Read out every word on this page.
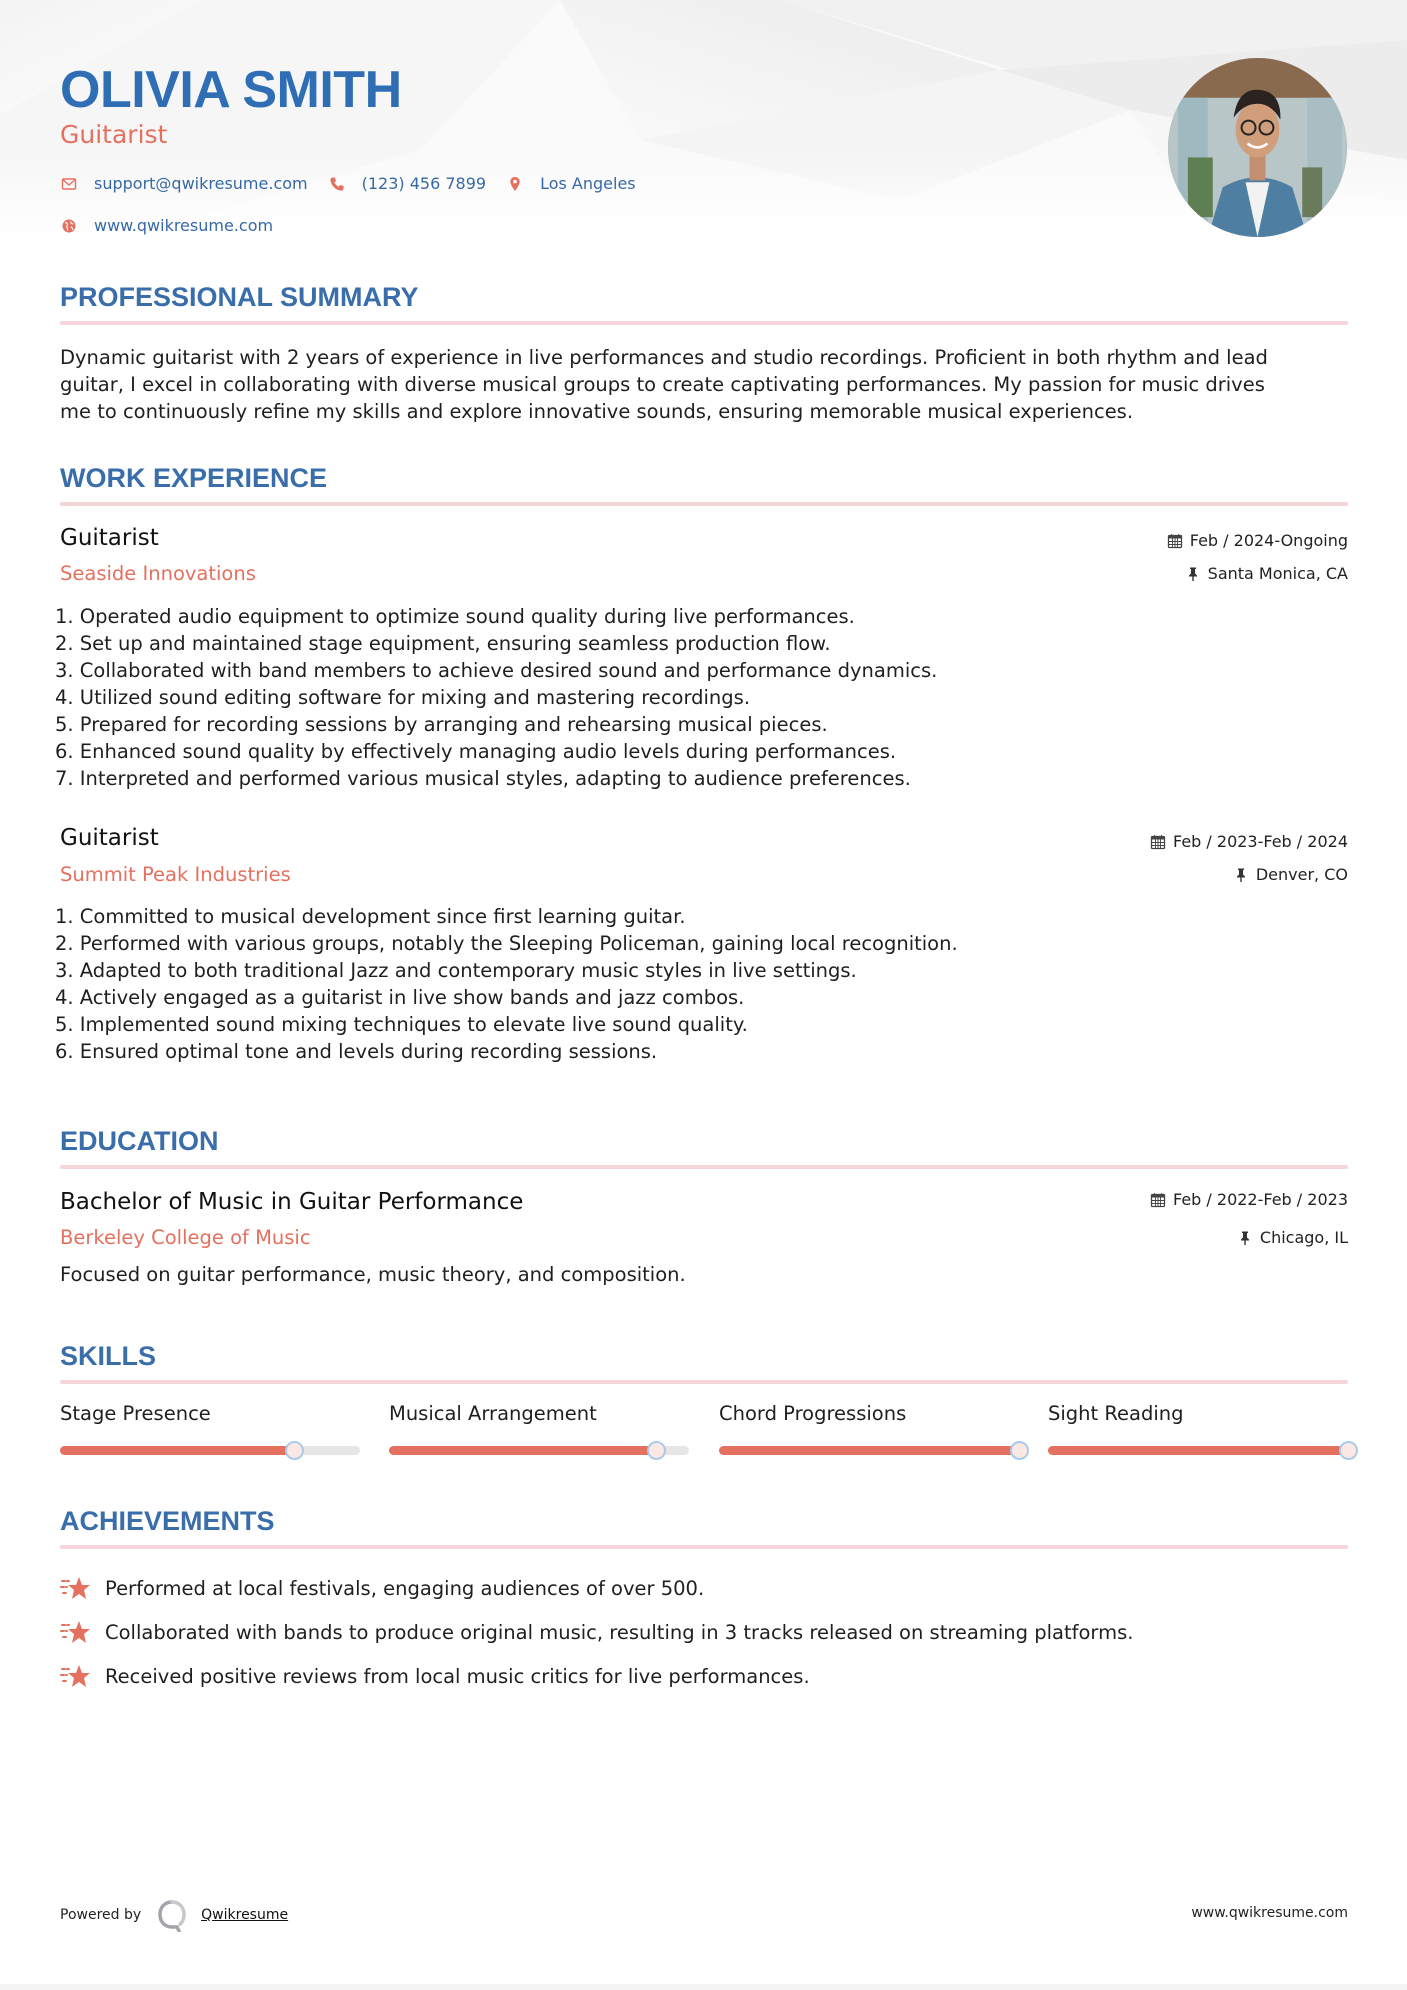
OLIVIA SMITH
Guitarist
support@qwikresume.com	(123) 456 7899	Los Angeles
www.qwikresume.com
PROFESSIONAL SUMMARY
Dynamic guitarist with 2 years of experience in live performances and studio recordings. Proficient in both rhythm and lead
guitar, I excel in collaborating with diverse musical groups to create captivating performances. My passion for music drives
me to continuously refine my skills and explore innovative sounds, ensuring memorable musical experiences.
WORK EXPERIENCE
Guitarist
Seaside Innovations
Feb / 2024-Ongoing
Santa Monica, CA
1. Operated audio equipment to optimize sound quality during live performances.
2. Set up and maintained stage equipment, ensuring seamless production flow.
3. Collaborated with band members to achieve desired sound and performance dynamics.
4. Utilized sound editing software for mixing and mastering recordings.
5. Prepared for recording sessions by arranging and rehearsing musical pieces.
6. Enhanced sound quality by effectively managing audio levels during performances.
7. Interpreted and performed various musical styles, adapting to audience preferences.
Guitarist
Summit Peak Industries
Feb / 2023-Feb / 2024
Denver, CO
1. Committed to musical development since first learning guitar.
2. Performed with various groups, notably the Sleeping Policeman, gaining local recognition.
3. Adapted to both traditional Jazz and contemporary music styles in live settings.
4. Actively engaged as a guitarist in live show bands and jazz combos.
5. Implemented sound mixing techniques to elevate live sound quality.
6. Ensured optimal tone and levels during recording sessions.
EDUCATION
Bachelor of Music in Guitar Performance
Berkeley College of Music
Feb / 2022-Feb / 2023
Chicago, IL
Focused on guitar performance, music theory, and composition.
SKILLS
Stage Presence	Musical Arrangement	Chord Progressions	Sight Reading
ACHIEVEMENTS
Performed at local festivals, engaging audiences of over 500.
Collaborated with bands to produce original music, resulting in 3 tracks released on streaming platforms.
Received positive reviews from local music critics for live performances.
Powered by	Qwikresume	www.qwikresume.com
